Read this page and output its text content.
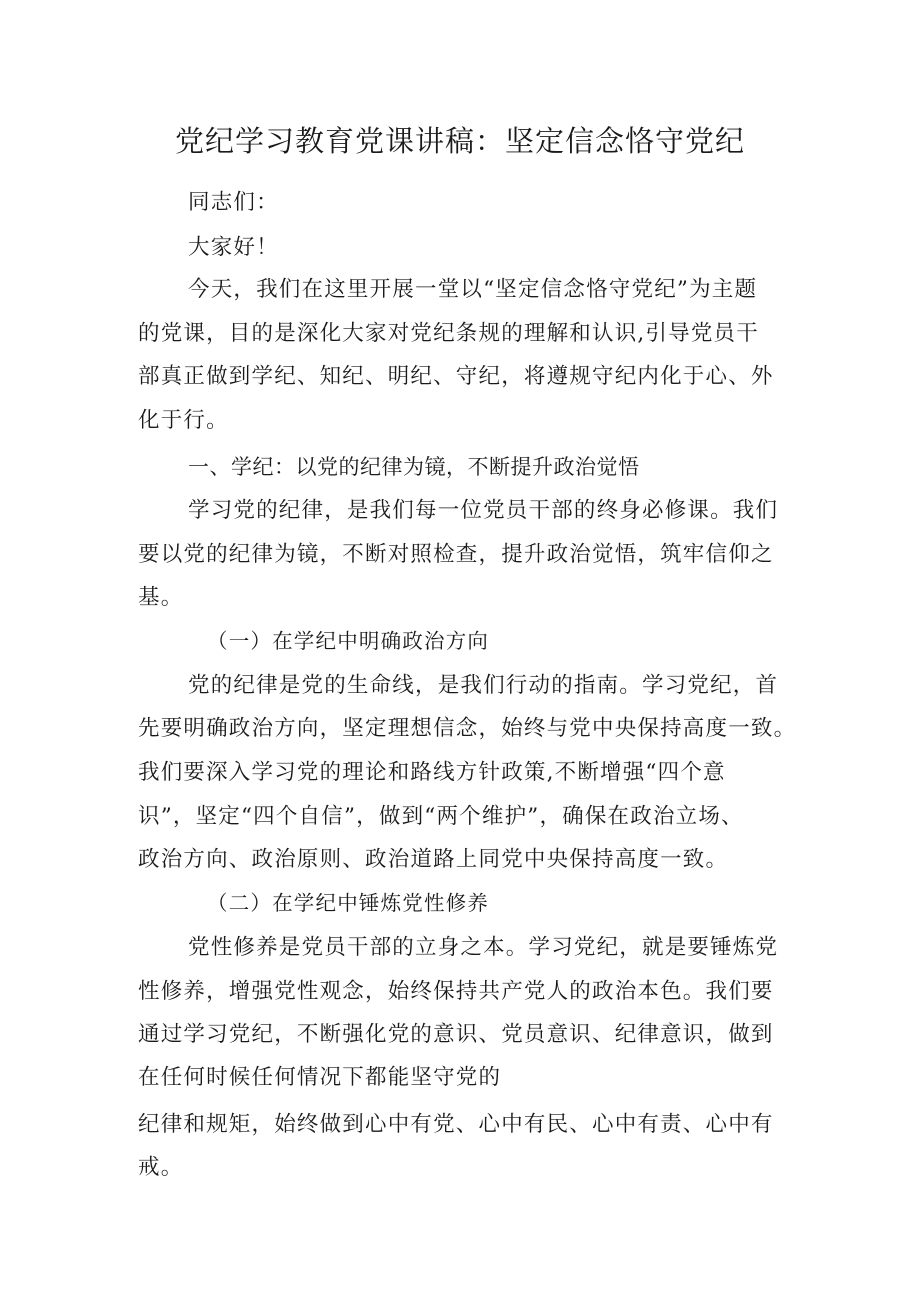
党纪学习教育党课讲稿：坚定信念恪守党纪
同志们：
大家好！
今天，我们在这里开展一堂以“坚定信念恪守党纪”为主题
的党课，目的是深化大家对党纪条规的理解和认识,引导党员干
部真正做到学纪、知纪、明纪、守纪，将遵规守纪内化于心、外
化于行。
一、学纪：以党的纪律为镜，不断提升政治觉悟
学习党的纪律，是我们每一位党员干部的终身必修课。我们
要以党的纪律为镜，不断对照检查，提升政治觉悟，筑牢信仰之
基。
（一）在学纪中明确政治方向
党的纪律是党的生命线，是我们行动的指南。学习党纪，首
先要明确政治方向，坚定理想信念，始终与党中央保持高度一致。
我们要深入学习党的理论和路线方针政策,不断增强“四个意
识”，坚定“四个自信”，做到“两个维护”，确保在政治立场、
政治方向、政治原则、政治道路上同党中央保持高度一致。
（二）在学纪中锤炼党性修养
党性修养是党员干部的立身之本。学习党纪，就是要锤炼党
性修养，增强党性观念，始终保持共产党人的政治本色。我们要
通过学习党纪，不断强化党的意识、党员意识、纪律意识，做到
在任何时候任何情况下都能坚守党的
纪律和规矩，始终做到心中有党、心中有民、心中有责、心中有
戒。
